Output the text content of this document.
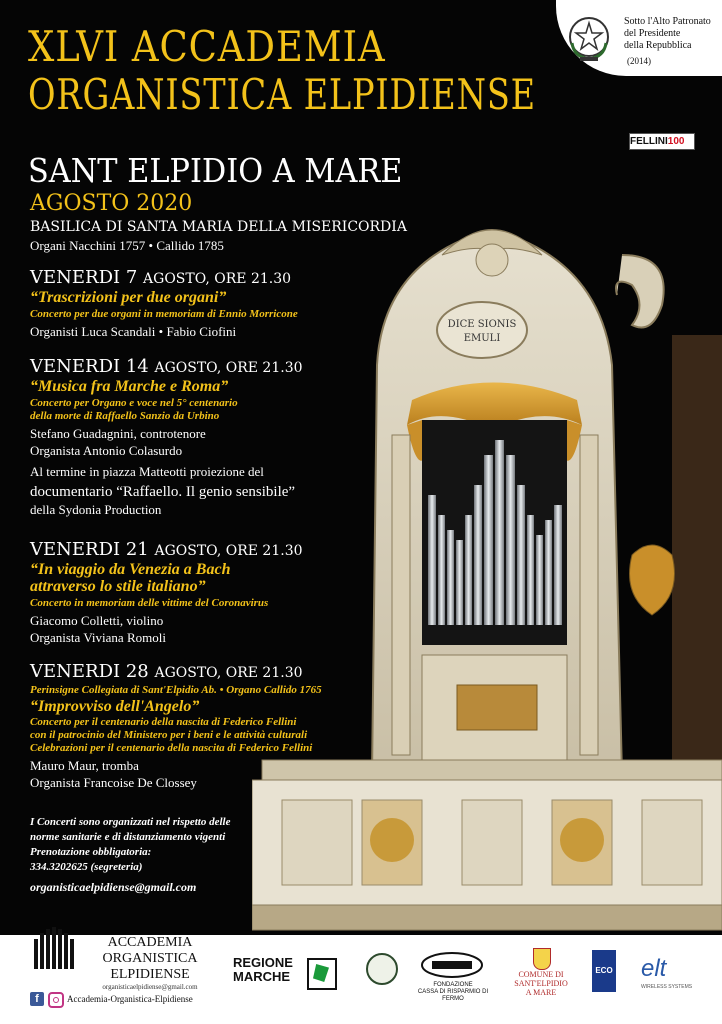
Sotto l'Alto Patronato
del Presidente
della Repubblica
(2014)
XLVI ACCADEMIA
ORGANISTICA ELPIDIENSE
FELLINI100
SANT ELPIDIO A MARE
AGOSTO 2020
BASILICA DI SANTA MARIA DELLA MISERICORDIA
Organi Nacchini 1757 • Callido 1785
DICE SIONIS
EMULI

VENERDI 7 AGOSTO, ORE 21.30

“Trascrizioni per due organi”

Concerto per due organi in memoriam di Ennio Morricone

Organisti Luca Scandali • Fabio Ciofini

VENERDI 14 AGOSTO, ORE 21.30

“Musica fra Marche e Roma”

Concerto per Organo e voce nel 5° centenario

della morte di Raffaello Sanzio da Urbino

Stefano Guadagnini, controtenore

Organista Antonio Colasurdo

Al termine in piazza Matteotti proiezione del

documentario “Raffaello. Il genio sensibile”

della Sydonia Production

VENERDI 21 AGOSTO, ORE 21.30

“In viaggio da Venezia a Bach

attraverso lo stile italiano”

Concerto in memoriam delle vittime del Coronavirus

Giacomo Colletti, violino

Organista Viviana Romoli

VENERDI 28 AGOSTO, ORE 21.30

Perinsigne Collegiata di Sant'Elpidio Ab. • Organo Callido 1765

“Improvviso dell'Angelo”

Concerto per il centenario della nascita di Federico Fellini

con il patrocinio del Ministero per i beni e le attività culturali

Celebrazioni per il centenario della nascita di Federico Fellini

Mauro Maur, tromba

Organista Francoise De Clossey

I Concerti sono organizzati nel rispetto delle

norme sanitarie e di distanziamento vigenti

Prenotazione obbligatoria:

334.3202625 (segreteria)

organisticaelpidiense@gmail.com

ACCADEMIA
ORGANISTICA
ELPIDIENSE
organisticaelpidiense@gmail.com
f	Accademia-Organistica-Elpidiense
REGIONE
MARCHE
FONDAZIONE
CASSA DI RISPARMIO DI FERMO
COMUNE DI
SANT'ELPIDIO
A MARE
ECO elt
WIRELESS SYSTEMS
